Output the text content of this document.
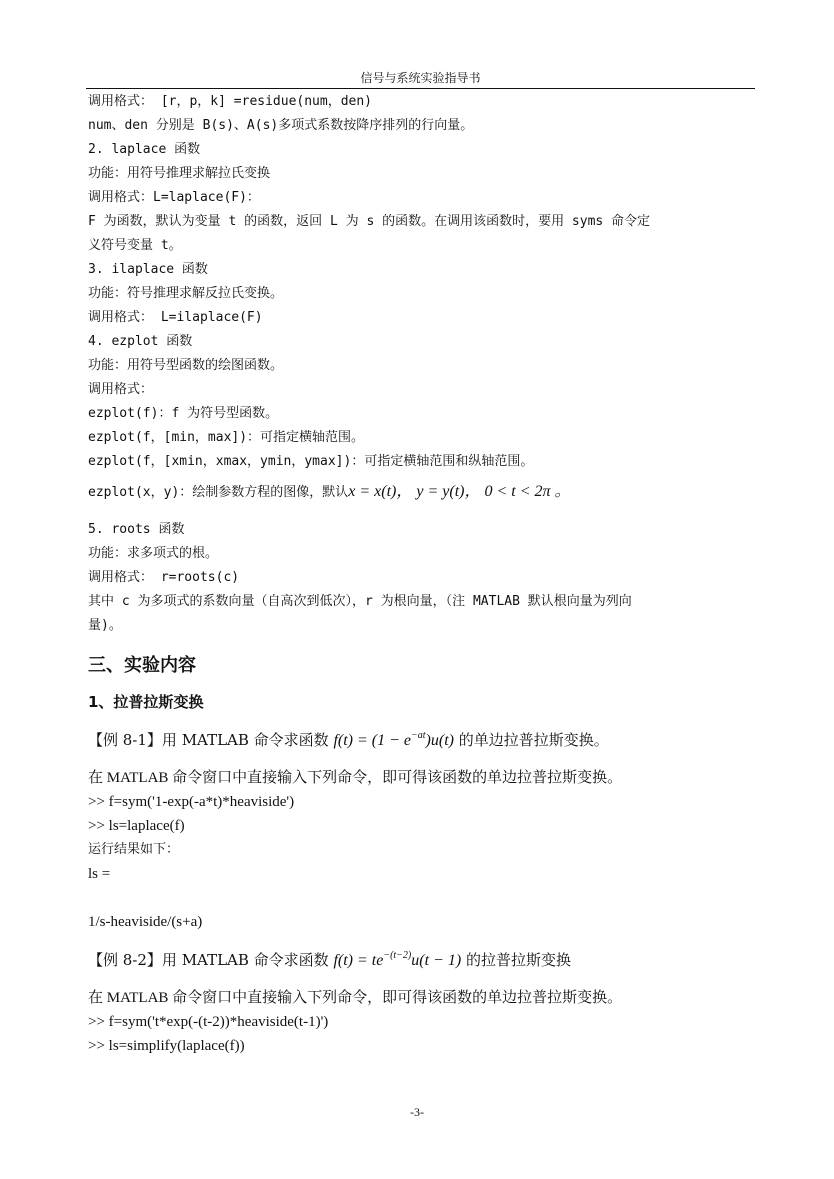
信号与系统实验指导书
调用格式： [r，p，k] =residue(num，den)
num、den 分别是 B(s)、A(s)多项式系数按降序排列的行向量。
2. laplace 函数
功能：用符号推理求解拉氏变换
调用格式：L=laplace(F)：
F 为函数，默认为变量 t 的函数，返回 L 为 s 的函数。在调用该函数时，要用 syms 命令定
义符号变量 t。
3. ilaplace 函数
功能：符号推理求解反拉氏变换。
调用格式： L=ilaplace(F)
4. ezplot 函数
功能：用符号型函数的绘图函数。
调用格式：
ezplot(f)：f 为符号型函数。
ezplot(f，[min，max])：可指定横轴范围。
ezplot(f，[xmin，xmax，ymin，ymax])：可指定横轴范围和纵轴范围。
ezplot(x，y)：绘制参数方程的图像，默认x = x(t)， y = y(t)， 0 < t < 2π 。
5. roots 函数
功能：求多项式的根。
调用格式： r=roots(c)
其中 c 为多项式的系数向量（自高次到低次），r 为根向量，（注 MATLAB 默认根向量为列向
量)。
三、实验内容
1、拉普拉斯变换
【例 8-1】用 MATLAB 命令求函数 $f(t) = (1 - e^{-at})u(t)$ 的单边拉普拉斯变换。
在 MATLAB 命令窗口中直接输入下列命令，即可得该函数的单边拉普拉斯变换。
>> f=sym('1-exp(-a*t)*heaviside')
>> ls=laplace(f)
运行结果如下：
ls =
1/s-heaviside/(s+a)
【例 8-2】用 MATLAB 命令求函数 $f(t) = te^{-(t-2)}u(t - 1)$ 的拉普拉斯变换
在 MATLAB 命令窗口中直接输入下列命令，即可得该函数的单边拉普拉斯变换。
>> f=sym('t*exp(-(t-2))*heaviside(t-1)')
>> ls=simplify(laplace(f))
-3-
